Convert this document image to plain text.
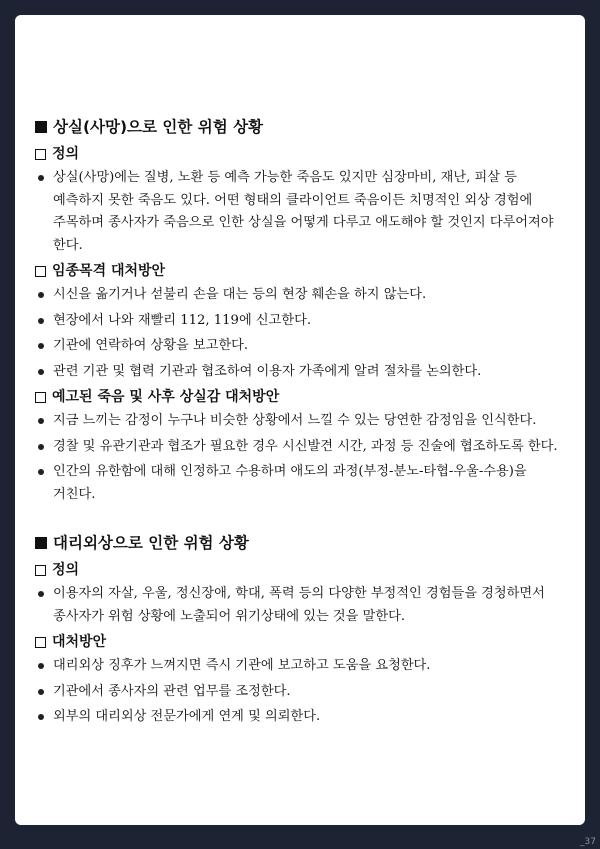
상실(사망)으로 인한 위험 상황
정의
상실(사망)에는 질병, 노환 등 예측 가능한 죽음도 있지만 심장마비, 재난, 피살 등 예측하지 못한 죽음도 있다. 어떤 형태의 클라이언트 죽음이든 치명적인 외상 경험에 주목하며 종사자가 죽음으로 인한 상실을 어떻게 다루고 애도해야 할 것인지 다루어져야 한다.
임종목격 대처방안
시신을 옮기거나 섣불리 손을 대는 등의 현장 훼손을 하지 않는다.
현장에서 나와 재빨리 112, 119에 신고한다.
기관에 연락하여 상황을 보고한다.
관련 기관 및 협력 기관과 협조하여 이용자 가족에게 알려 절차를 논의한다.
예고된 죽음 및 사후 상실감 대처방안
지금 느끼는 감정이 누구나 비슷한 상황에서 느낄 수 있는 당연한 감정임을 인식한다.
경찰 및 유관기관과 협조가 필요한 경우 시신발견 시간, 과정 등 진술에 협조하도록 한다.
인간의 유한함에 대해 인정하고 수용하며 애도의 과정(부정-분노-타협-우울-수용)을 거친다.
대리외상으로 인한 위험 상황
정의
이용자의 자살, 우울, 정신장애, 학대, 폭력 등의 다양한 부정적인 경험들을 경청하면서 종사자가 위험 상황에 노출되어 위기상태에 있는 것을 말한다.
대처방안
대리외상 징후가 느껴지면 즉시 기관에 보고하고 도움을 요청한다.
기관에서 종사자의 관련 업무를 조정한다.
외부의 대리외상 전문가에게 연계 및 의뢰한다.
_37
